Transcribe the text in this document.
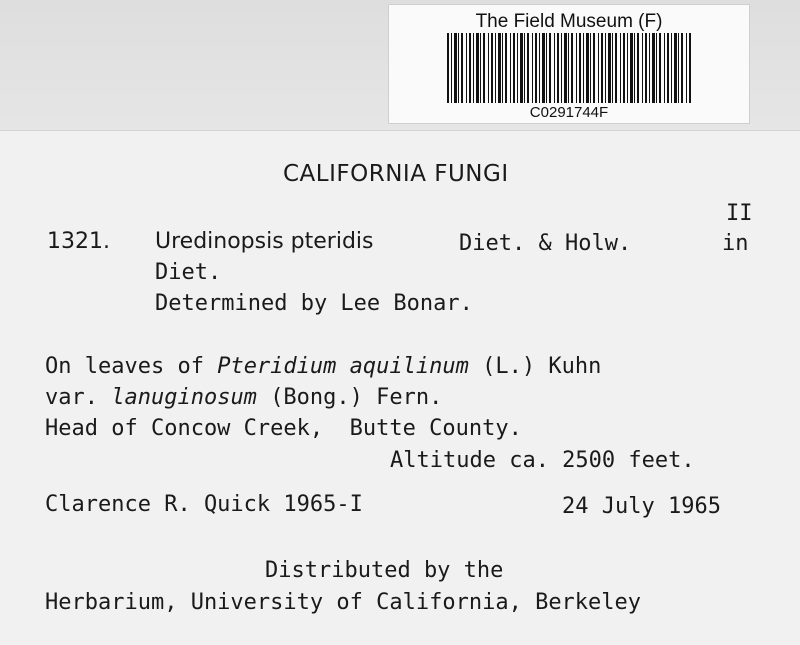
The Field Museum (F)
C0291744F
CALIFORNIA FUNGI
II
in
1321. Uredinopsis pteridis	Diet. & Holw.
Diet.
Determined by Lee Bonar.
On leaves of Pteridium aquilinum (L.) Kuhn
var. lanuginosum (Bong.) Fern.
Head of Concow Creek, Butte County.
Altitude ca. 2500 feet.
Clarence R. Quick 1965-I	24 July 1965
Distributed by the
Herbarium, University of California, Berkeley
